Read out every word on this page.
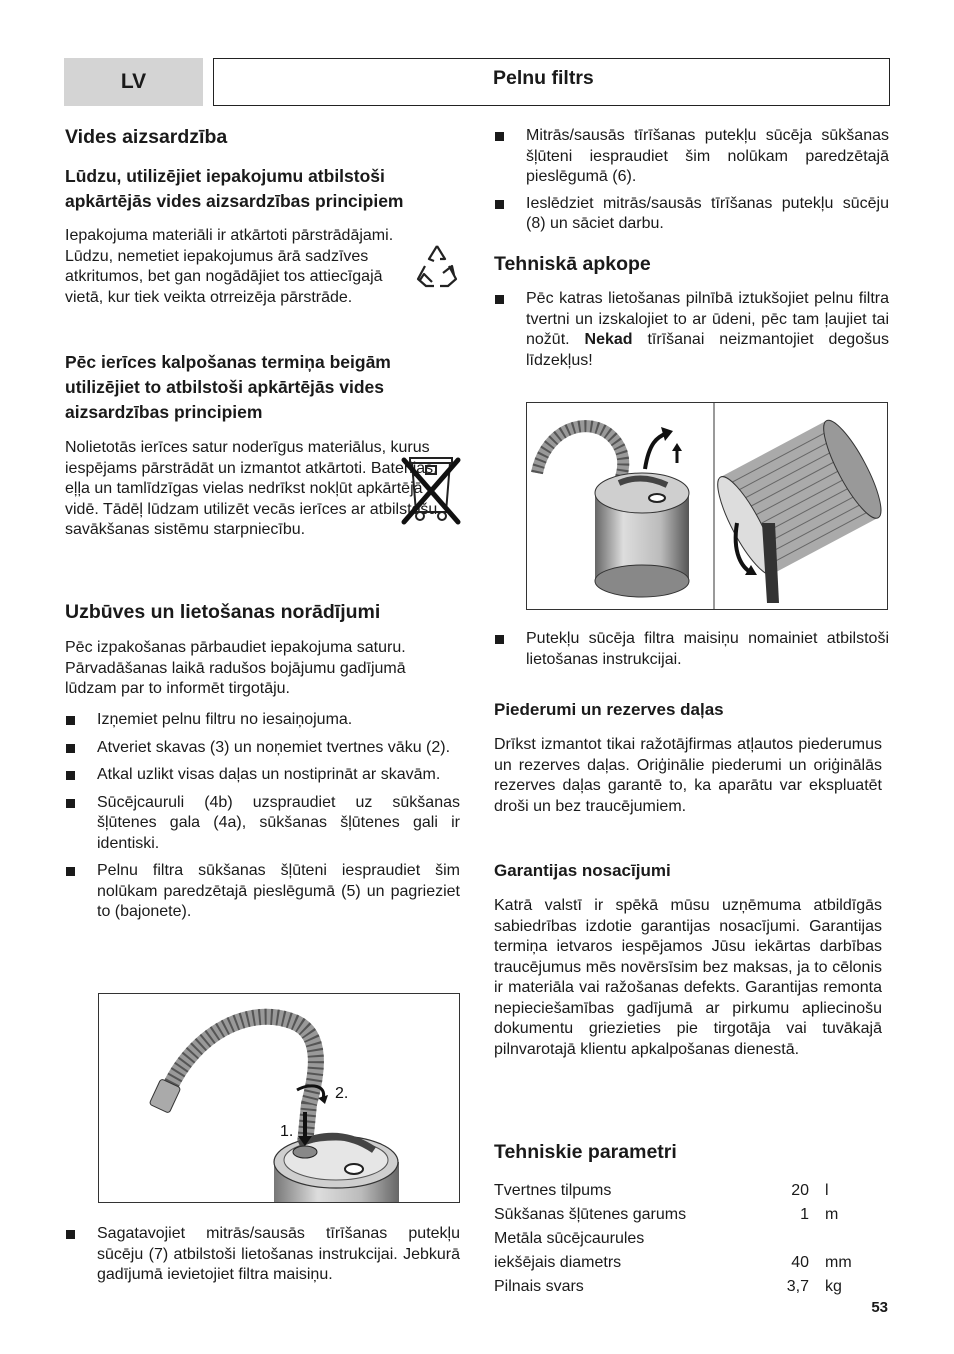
LV	Pelnu filtrs

Vides aizsardzība

Lūdzu, utilizējiet iepakojumu atbilstoši apkārtējās vides aizsardzības principiem

Iepakojuma materiāli ir atkārtoti pārstrādājami. Lūdzu, nemetiet iepakojumus ārā sadzīves atkritumos, bet gan nogādājiet tos attiecīgajā vietā, kur tiek veikta otrreizēja pārstrāde.

Pēc ierīces kalpošanas termiņa beigām utilizējiet to atbilstoši apkārtējās vides aizsardzības principiem

Nolietotās ierīces satur noderīgus materiālus, kurus iespējams pārstrādāt un izmantot atkārtoti. Baterijas, eļļa un tamlīdzīgas vielas nedrīkst nokļūt apkārtējā vidē. Tādēļ lūdzam utilizēt vecās ierīces ar atbilstošu savākšanas sistēmu starpniecību.

Uzbūves un lietošanas norādījumi

Pēc izpakošanas pārbaudiet iepakojuma saturu. Pārvadāšanas laikā radušos bojājumu gadījumā lūdzam par to informēt tirgotāju.

Izņemiet pelnu filtru no iesaiņojuma.
Atveriet skavas (3) un noņemiet tvertnes vāku (2).
Atkal uzlikt visas daļas un nostiprināt ar skavām.
Sūcējcauruli (4b) uzspraudiet uz sūkšanas šļūtenes gala (4a), sūkšanas šļūtenes gali ir identiski.
Pelnu filtra sūkšanas šļūteni iespraudiet šim nolūkam paredzētajā pieslēgumā (5) un pagrieziet to (bajonete).
2.
1.
Sagatavojiet mitrās/sausās tīrīšanas putekļu sūcēju (7) atbilstoši lietošanas instrukcijai. Jebkurā gadījumā ievietojiet filtra maisiņu.
Mitrās/sausās tīrīšanas putekļu sūcēja sūkšanas šļūteni iespraudiet šim nolūkam paredzētajā pieslēgumā (6).
Ieslēdziet mitrās/sausās tīrīšanas putekļu sūcēju (8) un sāciet darbu.

Tehniskā apkope

Pēc katras lietošanas pilnībā iztukšojiet pelnu filtra tvertni un izskalojiet to ar ūdeni, pēc tam ļaujiet tai nožūt. Nekad tīrīšanai neizmantojiet degošus līdzekļus!
Putekļu sūcēja filtra maisiņu nomainiet atbilstoši lietošanas instrukcijai.

Piederumi un rezerves daļas

Drīkst izmantot tikai ražotājfirmas atļautos piederumus un rezerves daļas. Oriģinālie piederumi un oriģinālās rezerves daļas garantē to, ka aparātu var ekspluatēt droši un bez traucējumiem.

Garantijas nosacījumi

Katrā valstī ir spēkā mūsu uzņēmuma atbildīgās sabiedrības izdotie garantijas nosacījumi. Garantijas termiņa ietvaros iespējamos Jūsu iekārtas darbības traucējumus mēs novērsīsim bez maksas, ja to cēlonis ir materiāla vai ražošanas defekts. Garantijas remonta nepieciešamības gadījumā ar pirkumu apliecinošu dokumentu griezieties pie tirgotāja vai tuvākajā pilnvarotajā klientu apkalpošanas dienestā.

Tehniskie parametri

Tvertnes tilpums	20	l
Sūkšanas šļūtenes garums	1	m
Metāla sūcējcaurules		
iekšējais diametrs	40	mm
Pilnais svars	3,7	kg
53
